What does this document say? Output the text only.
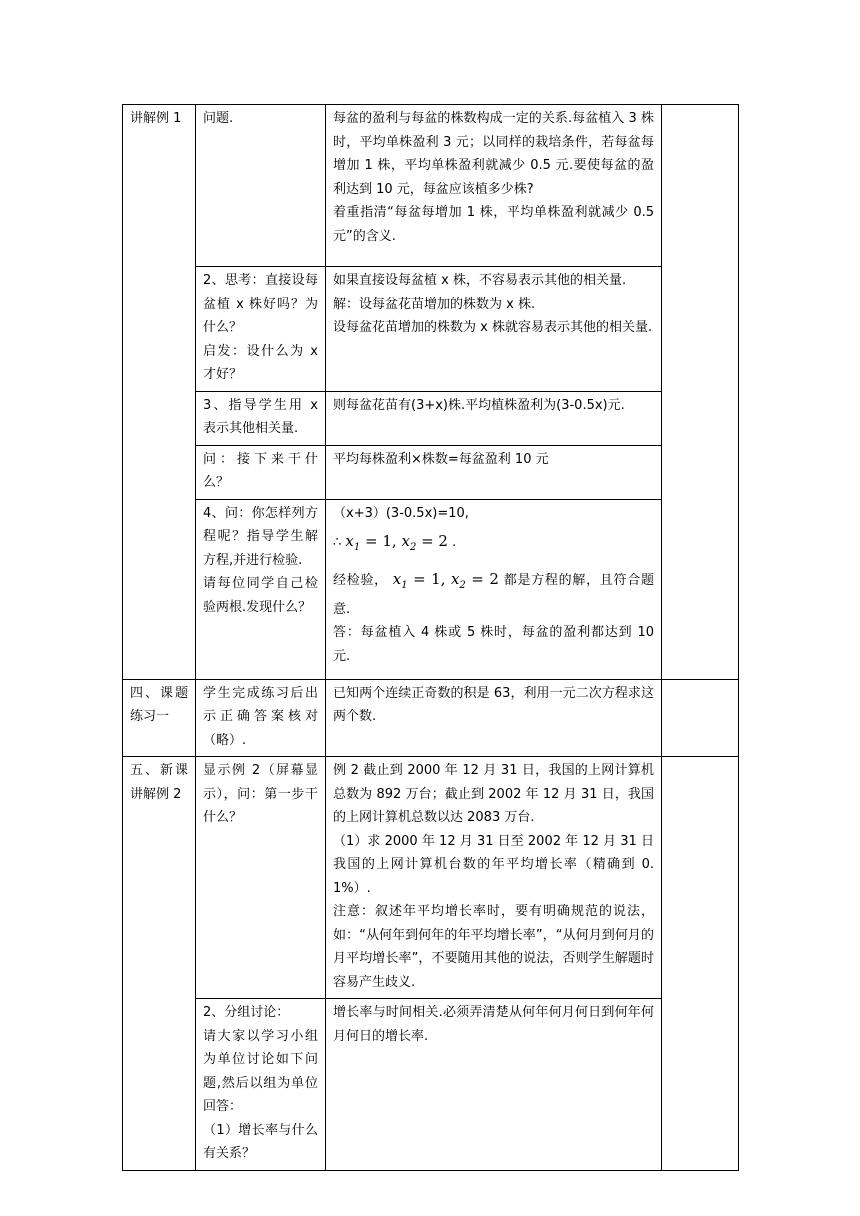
讲解例 1	问题.	每盆的盈利与每盆的株数构成一定的关系.每盆植入 3 株时，平均单株盈利 3 元；以同样的栽培条件，若每盆每增加 1 株，平均单株盈利就减少 0.5 元.要使每盆的盈利达到 10 元，每盆应该植多少株?
着重指清“每盆每增加 1 株，平均单株盈利就减少 0.5 元”的含义.	

	2、思考：直接设每盆植 x 株好吗？为什么？
启发：设什么为 x 才好？	如果直接设每盆植 x 株，不容易表示其他的相关量.
解：设每盆花苗增加的株数为 x 株.
设每盆花苗增加的株数为 x 株就容易表示其他的相关量.	

	3、指导学生用 x 表示其他相关量.	则每盆花苗有(3+x)株.平均植株盈利为(3-0.5x)元.	

	问：接下来干什么？	平均每株盈利×株数=每盆盈利 10 元	

	4、问：你怎样列方程呢？指导学生解方程,并进行检验.
请每位同学自己检验两根.发现什么？	（x+3）(3-0.5x)=10,
∴ $x_1 = 1$, $x_2 = 2$ .
经检验， $x_1 = 1$, $x_2 = 2$ 都是方程的解，且符合题意.
答：每盆植入 4 株或 5 株时，每盆的盈利都达到 10 元.	

四、课题练习一	学生完成练习后出示正确答案核对（略）.	已知两个连续正奇数的积是 63，利用一元二次方程求这两个数.	

五、新课讲解例 2	显示例 2（屏幕显示），问：第一步干什么？	例 2 截止到 2000 年 12 月 31 日，我国的上网计算机总数为 892 万台；截止到 2002 年 12 月 31 日，我国的上网计算机总数以达 2083 万台.
（1）求 2000 年 12 月 31 日至 2002 年 12 月 31 日我国的上网计算机台数的年平均增长率（精确到 0.1%）.
注意：叙述年平均增长率时，要有明确规范的说法，如：“从何年到何年的年平均增长率”，“从何月到何月的月平均增长率”，不要随用其他的说法，否则学生解题时容易产生歧义.	

	2、分组讨论：
请大家以学习小组为单位讨论如下问题,然后以组为单位回答：
（1）增长率与什么有关系？	增长率与时间相关.必须弄清楚从何年何月何日到何年何月何日的增长率.	
